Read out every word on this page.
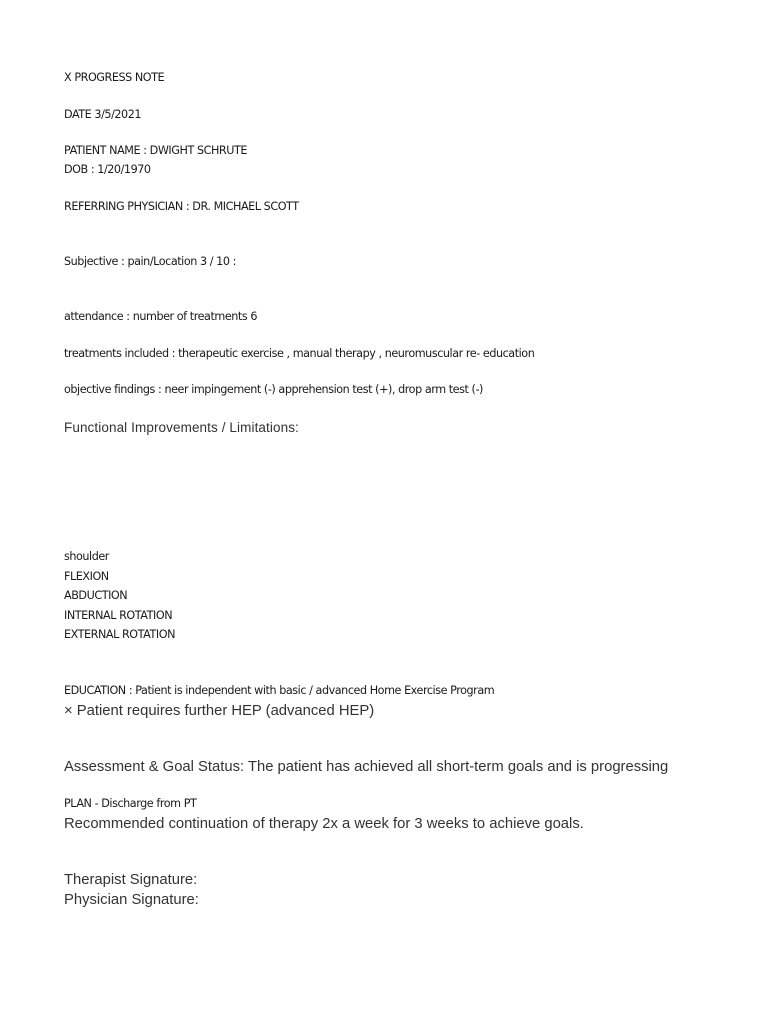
X PROGRESS NOTE
DATE 3/5/2021
PATIENT NAME : DWIGHT SCHRUTE
DOB : 1/20/1970
REFERRING PHYSICIAN : DR. MICHAEL SCOTT
Subjective : pain/Location 3 / 10 :
attendance : number of treatments 6
treatments included : therapeutic exercise , manual therapy , neuromuscular re- education
objective findings : neer impingement (-) apprehension test (+), drop arm test (-)
Functional Improvements / Limitations:
shoulder
FLEXION
ABDUCTION
INTERNAL ROTATION
EXTERNAL ROTATION
EDUCATION : Patient is independent with basic / advanced Home Exercise Program
× Patient requires further HEP (advanced HEP)
Assessment & Goal Status: The patient has achieved all short-term goals and is progressing
PLAN - Discharge from PT
Recommended continuation of therapy 2x a week for 3 weeks to achieve goals.
Therapist Signature:
Physician Signature:
